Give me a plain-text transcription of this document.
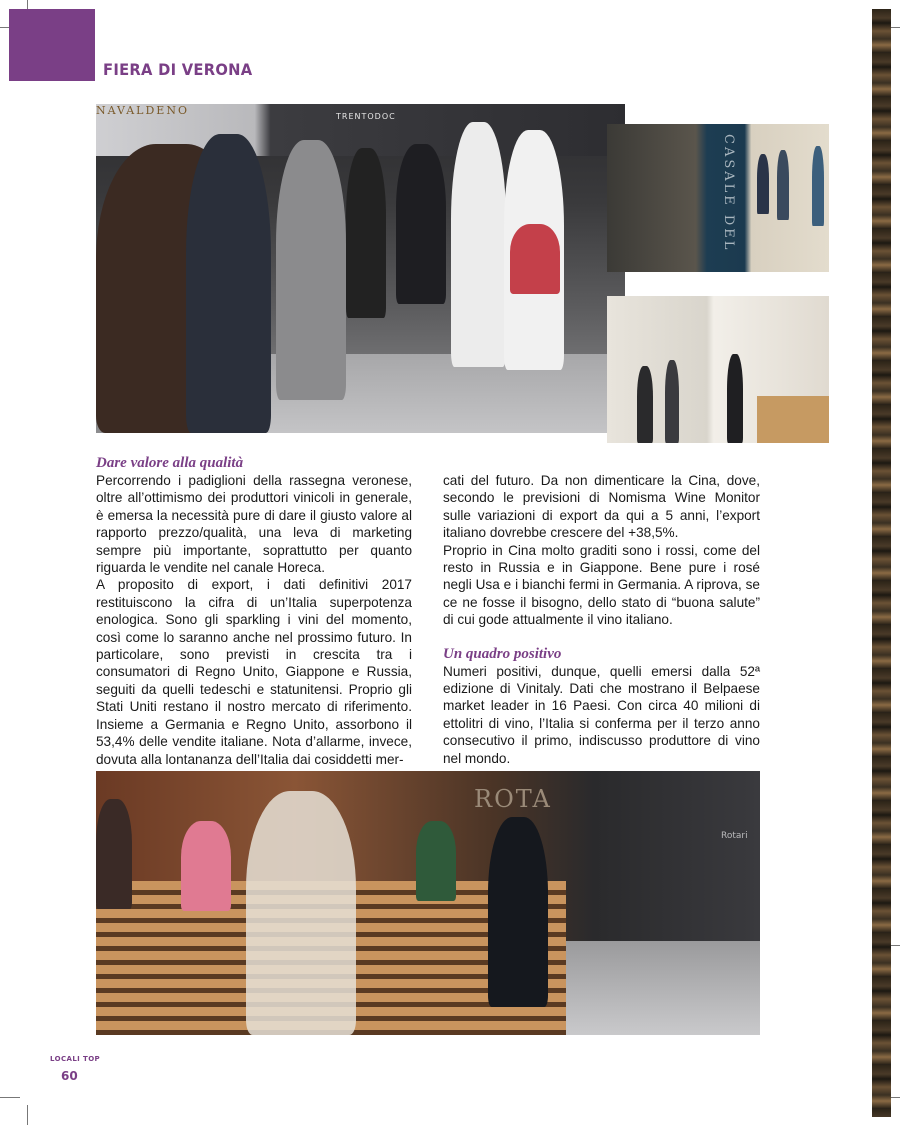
FIERA DI VERONA
NAVALDENO	TRENTODOC
CASALE DEL
Dare valore alla qualità

Percorrendo i padiglioni della rassegna veronese, oltre all’ottimismo dei produttori vinicoli in generale, è emersa la necessità pure di dare il giusto valore al rapporto prezzo/qualità, una leva di marketing sempre più importante, soprattutto per quanto riguarda le vendite nel canale Horeca.

A proposito di export, i dati definitivi 2017 restituiscono la cifra di un’Italia superpotenza enologica. Sono gli sparkling i vini del momento, così come lo saranno anche nel prossimo futuro. In particolare, sono previsti in crescita tra i consumatori di Regno Unito, Giappone e Russia, seguiti da quelli tedeschi e statunitensi. Proprio gli Stati Uniti restano il nostro mercato di riferimento. Insieme a Germania e Regno Unito, assorbono il 53,4% delle vendite italiane. Nota d’allarme, invece, dovuta alla lontananza dell’Italia dai cosiddetti mer-

cati del futuro. Da non dimenticare la Cina, dove, secondo le previsioni di Nomisma Wine Monitor sulle variazioni di export da qui a 5 anni, l’export italiano dovrebbe crescere del +38,5%.

Proprio in Cina molto graditi sono i rossi, come del resto in Russia e in Giappone. Bene pure i rosé negli Usa e i bianchi fermi in Germania. A riprova, se ce ne fosse il bisogno, dello stato di “buona salute” di cui gode attualmente il vino italiano.

Un quadro positivo

Numeri positivi, dunque, quelli emersi dalla 52ª edizione di Vinitaly. Dati che mostrano il Belpaese market leader in 16 Paesi. Con circa 40 milioni di ettolitri di vino, l’Italia si conferma per il terzo anno consecutivo il primo, indiscusso produttore di vino nel mondo.

ROTA
Rotari
LOCALI TOP
60
